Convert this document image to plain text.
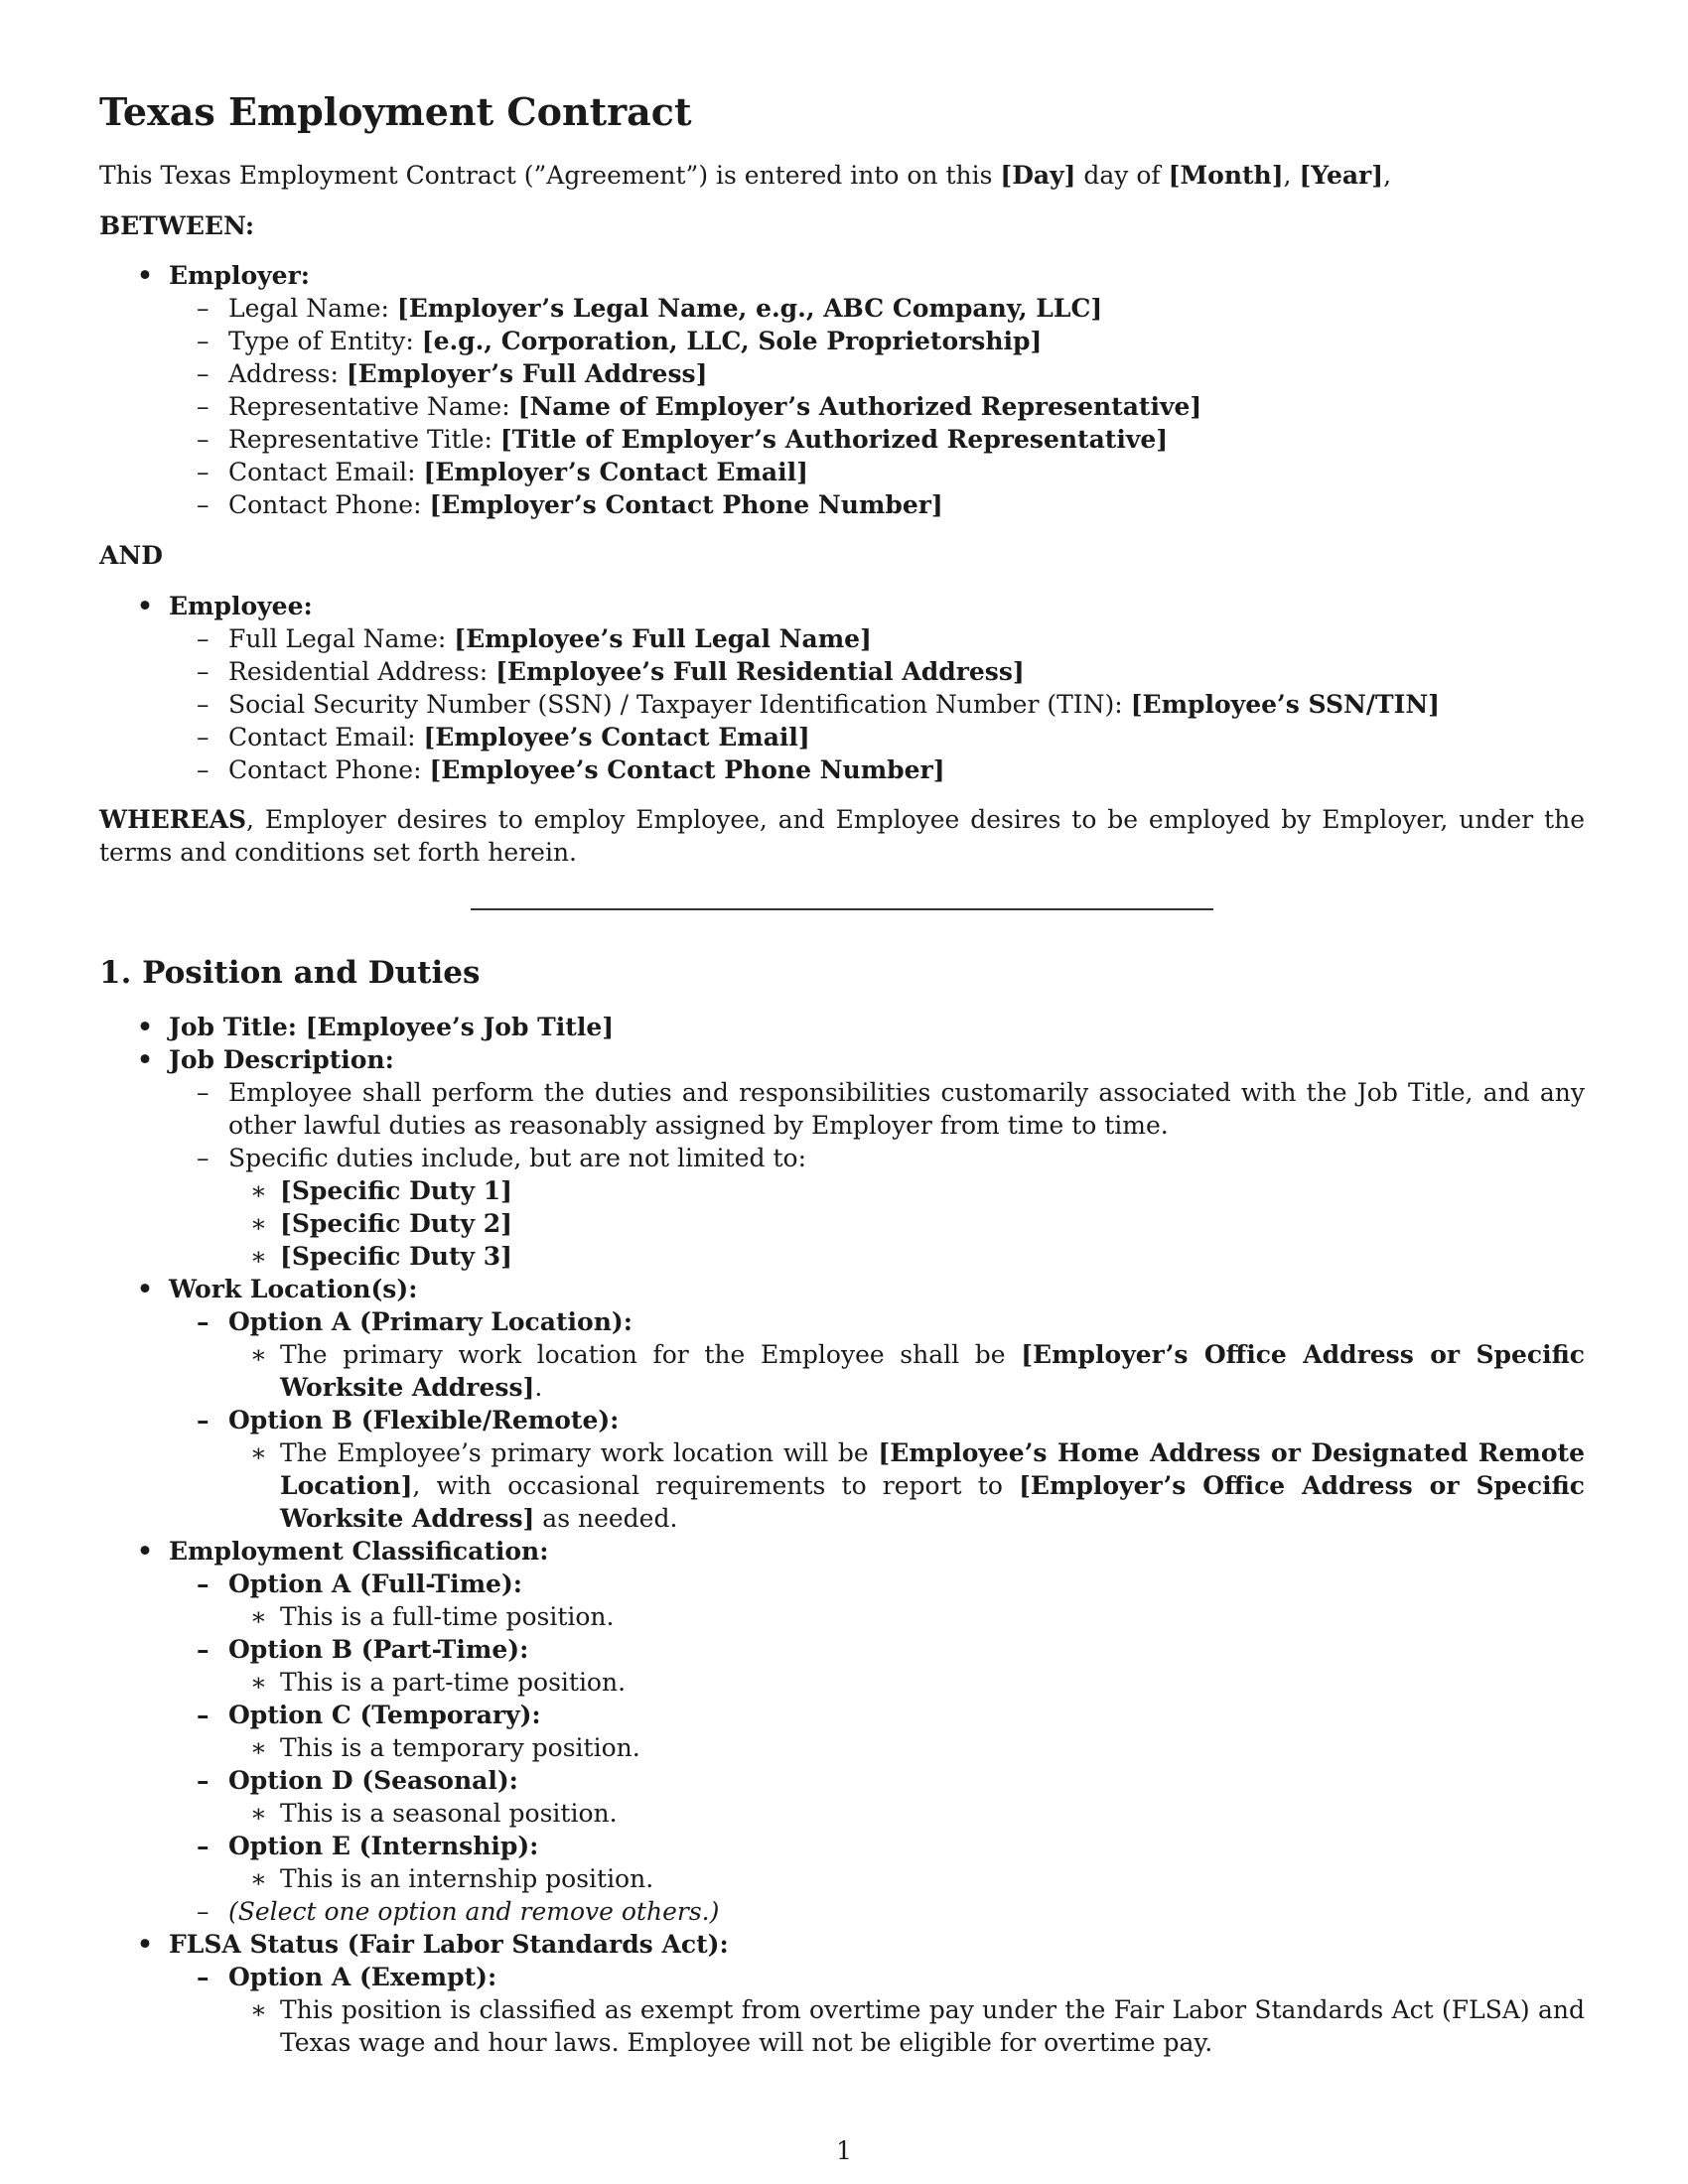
Texas Employment Contract

This Texas Employment Contract (”Agreement”) is entered into on this [Day] day of [Month], [Year],

BETWEEN:

• Employer:
– Legal Name: [Employer’s Legal Name, e.g., ABC Company, LLC]
– Type of Entity: [e.g., Corporation, LLC, Sole Proprietorship]
– Address: [Employer’s Full Address]
– Representative Name: [Name of Employer’s Authorized Representative]
– Representative Title: [Title of Employer’s Authorized Representative]
– Contact Email: [Employer’s Contact Email]
– Contact Phone: [Employer’s Contact Phone Number]

AND

• Employee:
– Full Legal Name: [Employee’s Full Legal Name]
– Residential Address: [Employee’s Full Residential Address]
– Social Security Number (SSN) / Taxpayer Identification Number (TIN): [Employee’s SSN/TIN]
– Contact Email: [Employee’s Contact Email]
– Contact Phone: [Employee’s Contact Phone Number]

WHEREAS, Employer desires to employ Employee, and Employee desires to be employed by Employer, under the terms and conditions set forth herein.

1. Position and Duties
• Job Title: [Employee’s Job Title]
• Job Description:
– Employee shall perform the duties and responsibilities customarily associated with the Job Title, and any other lawful duties as reasonably assigned by Employer from time to time.
– Specific duties include, but are not limited to:
∗ [Specific Duty 1]
∗ [Specific Duty 2]
∗ [Specific Duty 3]
• Work Location(s):
– Option A (Primary Location):
∗ The primary work location for the Employee shall be [Employer’s Office Address or Specific Worksite Address].
– Option B (Flexible/Remote):
∗ The Employee’s primary work location will be [Employee’s Home Address or Designated Remote Location], with occasional requirements to report to [Employer’s Office Address or Specific Worksite Address] as needed.
• Employment Classification:
– Option A (Full-Time):
∗ This is a full-time position.
– Option B (Part-Time):
∗ This is a part-time position.
– Option C (Temporary):
∗ This is a temporary position.
– Option D (Seasonal):
∗ This is a seasonal position.
– Option E (Internship):
∗ This is an internship position.
– (Select one option and remove others.)
• FLSA Status (Fair Labor Standards Act):
– Option A (Exempt):
∗ This position is classified as exempt from overtime pay under the Fair Labor Standards Act (FLSA) and Texas wage and hour laws. Employee will not be eligible for overtime pay.
1
